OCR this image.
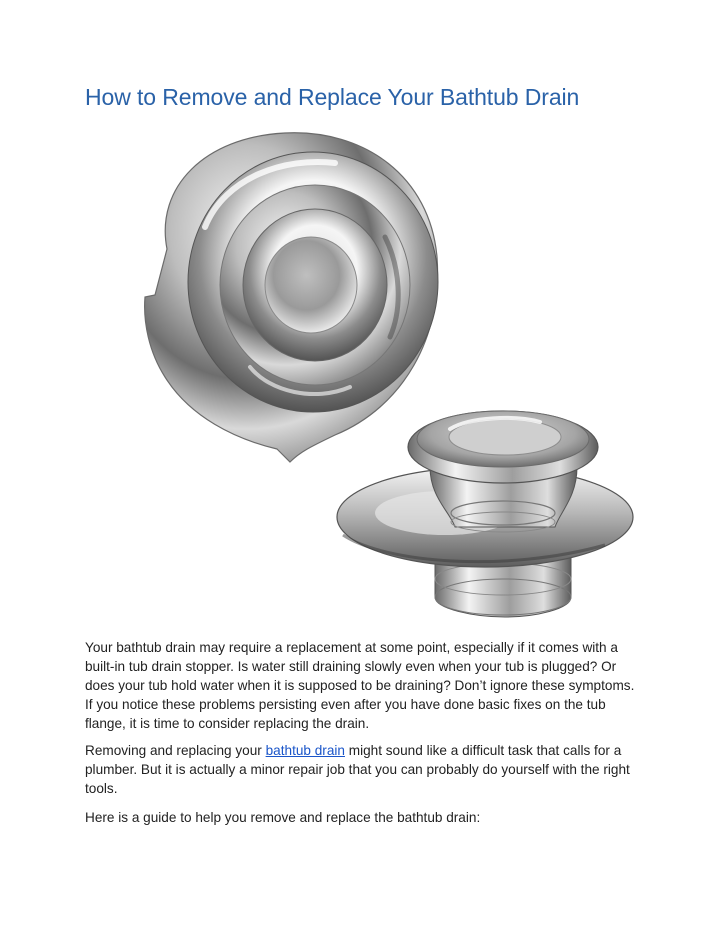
How to Remove and Replace Your Bathtub Drain

Your bathtub drain may require a replacement at some point, especially if it comes with a built-in tub drain stopper. Is water still draining slowly even when your tub is plugged? Or does your tub hold water when it is supposed to be draining? Don’t ignore these symptoms. If you notice these problems persisting even after you have done basic fixes on the tub flange, it is time to consider replacing the drain.

Removing and replacing your bathtub drain might sound like a difficult task that calls for a plumber. But it is actually a minor repair job that you can probably do yourself with the right tools.

Here is a guide to help you remove and replace the bathtub drain:
